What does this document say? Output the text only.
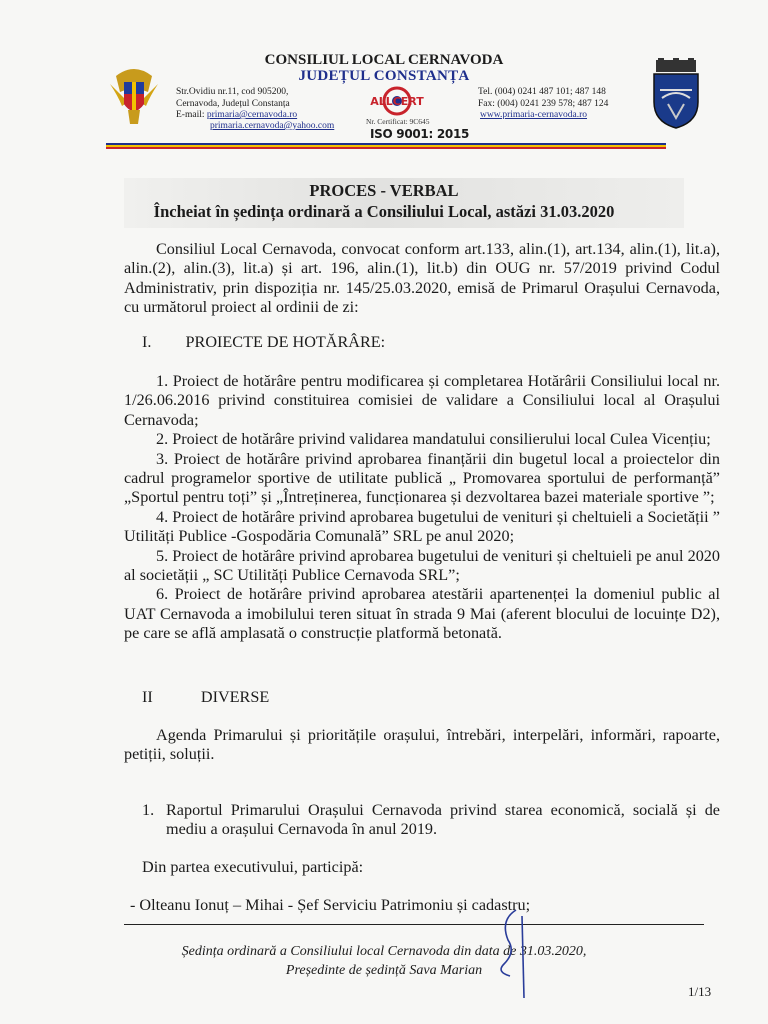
CONSILIUL LOCAL CERNAVODA
JUDEȚUL CONSTANȚA
Str.Ovidiu nr.11, cod 905200,
Cernavoda, Județul Constanța
E-mail: primaria@cernavoda.ro
primaria.cernavoda@yahoo.com
ALLCERT
Nr. Certificat: 9C645
ISO 9001: 2015
Tel. (004) 0241 487 101; 487 148
Fax: (004) 0241 239 578; 487 124
www.primaria-cernavoda.ro
PROCES - VERBAL
Încheiat în ședința ordinară a Consiliului Local, astăzi 31.03.2020

Consiliul Local Cernavoda, convocat conform art.133, alin.(1), art.134, alin.(1), lit.a), alin.(2), alin.(3), lit.a) și art. 196, alin.(1), lit.b) din OUG nr. 57/2019 privind Codul Administrativ, prin dispoziția nr. 145/25.03.2020, emisă de Primarul Orașului Cernavoda, cu următorul proiect al ordinii de zi:

I. PROIECTE DE HOTĂRÂRE:

1. Proiect de hotărâre pentru modificarea și completarea Hotărârii Consiliului local nr. 1/26.06.2016 privind constituirea comisiei de validare a Consiliului local al Orașului Cernavoda;

2. Proiect de hotărâre privind validarea mandatului consilierului local Culea Vicențiu;

3. Proiect de hotărâre privind aprobarea finanțării din bugetul local a proiectelor din cadrul programelor sportive de utilitate publică „ Promovarea sportului de performanță” „Sportul pentru toți” și „Întreținerea, funcționarea și dezvoltarea bazei materiale sportive ”;

4. Proiect de hotărâre privind aprobarea bugetului de venituri și cheltuieli a Societății ” Utilități Publice -Gospodăria Comunală” SRL pe anul 2020;

5. Proiect de hotărâre privind aprobarea bugetului de venituri și cheltuieli pe anul 2020 al societății „ SC Utilități Publice Cernavoda SRL”;

6. Proiect de hotărâre privind aprobarea atestării apartenenței la domeniul public al UAT Cernavoda a imobilului teren situat în strada 9 Mai (aferent blocului de locuințe D2), pe care se află amplasată o construcție platformă betonată.

II	DIVERSE

Agenda Primarului și prioritățile orașului, întrebări, interpelări, informări, rapoarte, petiții, soluții.

1. Raportul Primarului Orașului Cernavoda privind starea economică, socială și de mediu a orașului Cernavoda în anul 2019.
Din partea executivului, participă:
- Olteanu Ionuț – Mihai - Șef Serviciu Patrimoniu și cadastru;
Ședința ordinară a Consiliului local Cernavoda din data de 31.03.2020,
Președinte de ședință Sava Marian
1/13
